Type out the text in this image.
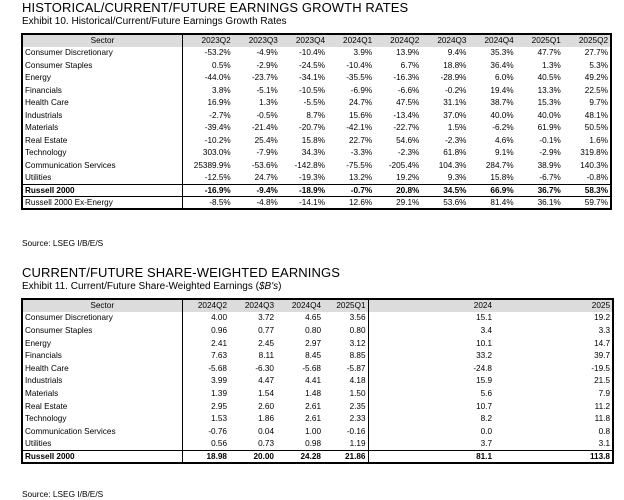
HISTORICAL/CURRENT/FUTURE EARNINGS GROWTH RATES
Exhibit 10. Historical/Current/Future Earnings Growth Rates
Sector	2023Q2	2023Q3	2023Q4	2024Q1	2024Q2	2024Q3	2024Q4	2025Q1	2025Q2
Consumer Discretionary	-53.2%	-4.9%	-10.4%	3.9%	13.9%	9.4%	35.3%	47.7%	27.7%
Consumer Staples	0.5%	-2.9%	-24.5%	-10.4%	6.7%	18.8%	36.4%	1.3%	5.3%
Energy	-44.0%	-23.7%	-34.1%	-35.5%	-16.3%	-28.9%	6.0%	40.5%	49.2%
Financials	3.8%	-5.1%	-10.5%	-6.9%	-6.6%	-0.2%	19.4%	13.3%	22.5%
Health Care	16.9%	1.3%	-5.5%	24.7%	47.5%	31.1%	38.7%	15.3%	9.7%
Industrials	-2.7%	-0.5%	8.7%	15.6%	-13.4%	37.0%	40.0%	40.0%	48.1%
Materials	-39.4%	-21.4%	-20.7%	-42.1%	-22.7%	1.5%	-6.2%	61.9%	50.5%
Real Estate	-10.2%	25.4%	15.8%	22.7%	54.6%	-2.3%	4.6%	-0.1%	1.6%
Technology	303.0%	-7.9%	34.3%	-3.3%	-2.3%	61.8%	9.1%	-2.9%	319.8%
Communication Services	25389.9%	-53.6%	-142.8%	-75.5%	-205.4%	104.3%	284.7%	38.9%	140.3%
Utilities	-12.5%	24.7%	-19.3%	13.2%	19.2%	9.3%	15.8%	-6.7%	-0.8%
Russell 2000	-16.9%	-9.4%	-18.9%	-0.7%	20.8%	34.5%	66.9%	36.7%	58.3%
Russell 2000 Ex-Energy	-8.5%	-4.8%	-14.1%	12.6%	29.1%	53.6%	81.4%	36.1%	59.7%
Source: LSEG I/B/E/S
CURRENT/FUTURE SHARE-WEIGHTED EARNINGS
Exhibit 11. Current/Future Share-Weighted Earnings ($B's)
Sector	2024Q2	2024Q3	2024Q4	2025Q1	2024	2025
Consumer Discretionary	4.00	3.72	4.65	3.56	15.1	19.2
Consumer Staples	0.96	0.77	0.80	0.80	3.4	3.3
Energy	2.41	2.45	2.97	3.12	10.1	14.7
Financials	7.63	8.11	8.45	8.85	33.2	39.7
Health Care	-5.68	-6.30	-5.68	-5.87	-24.8	-19.5
Industrials	3.99	4.47	4.41	4.18	15.9	21.5
Materials	1.39	1.54	1.48	1.50	5.6	7.9
Real Estate	2.95	2.60	2.61	2.35	10.7	11.2
Technology	1.53	1.86	2.61	2.33	8.2	11.8
Communication Services	-0.76	0.04	1.00	-0.16	0.0	0.8
Utilities	0.56	0.73	0.98	1.19	3.7	3.1
Russell 2000	18.98	20.00	24.28	21.86	81.1	113.8
Source: LSEG I/B/E/S
